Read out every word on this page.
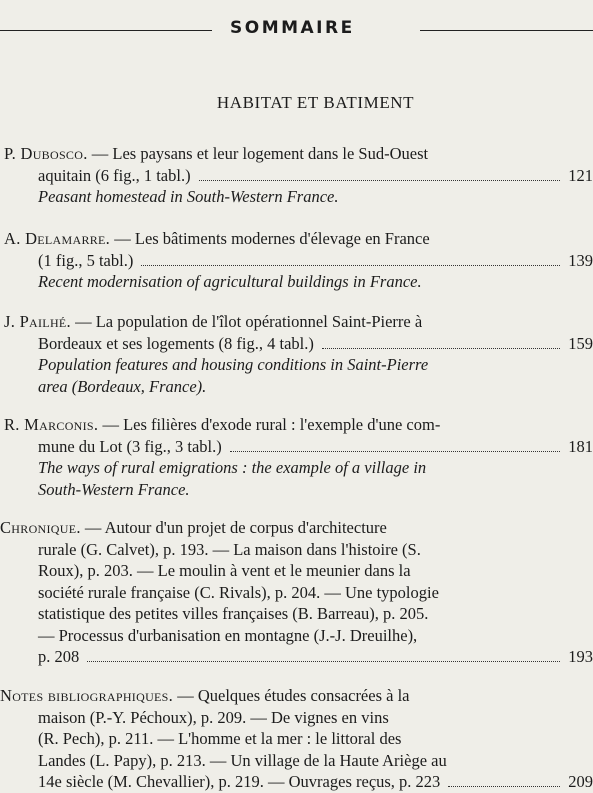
SOMMAIRE
HABITAT ET BATIMENT
P. Dubosco. — Les paysans et leur logement dans le Sud-Ouest
aquitain (6 fig., 1 tabl.)	121
Peasant homestead in South-Western France.
A. Delamarre. — Les bâtiments modernes d'élevage en France
(1 fig., 5 tabl.)	139
Recent modernisation of agricultural buildings in France.
J. Pailhé. — La population de l'îlot opérationnel Saint-Pierre à
Bordeaux et ses logements (8 fig., 4 tabl.)	159
Population features and housing conditions in Saint-Pierre
area (Bordeaux, France).
R. Marconis. — Les filières d'exode rural : l'exemple d'une com-
mune du Lot (3 fig., 3 tabl.)	181
The ways of rural emigrations : the example of a village in
South-Western France.
Chronique. — Autour d'un projet de corpus d'architecture
rurale (G. Calvet), p. 193. — La maison dans l'histoire (S.
Roux), p. 203. — Le moulin à vent et le meunier dans la
société rurale française (C. Rivals), p. 204. — Une typologie
statistique des petites villes françaises (B. Barreau), p. 205.
— Processus d'urbanisation en montagne (J.-J. Dreuilhe),
p. 208	193
Notes bibliographiques. — Quelques études consacrées à la
maison (P.-Y. Péchoux), p. 209. — De vignes en vins
(R. Pech), p. 211. — L'homme et la mer : le littoral des
Landes (L. Papy), p. 213. — Un village de la Haute Ariège au
14e siècle (M. Chevallier), p. 219. — Ouvrages reçus, p. 223	209
